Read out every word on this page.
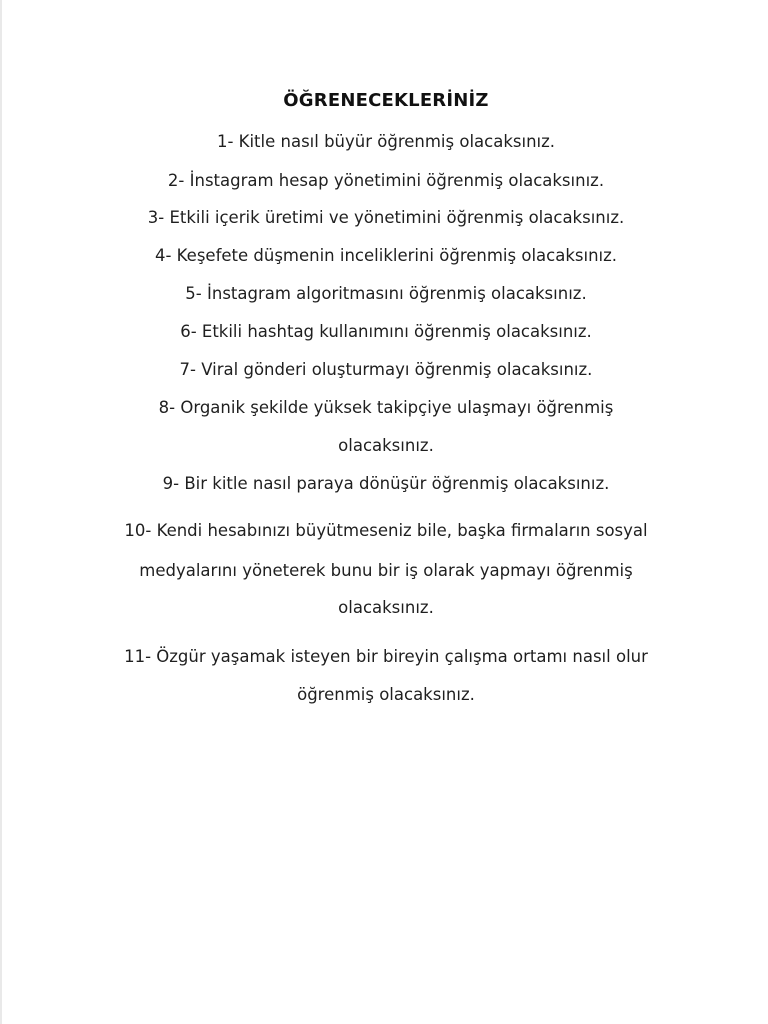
ÖĞRENECEKLERİNİZ
1- Kitle nasıl büyür öğrenmiş olacaksınız.
2- İnstagram hesap yönetimini öğrenmiş olacaksınız.
3- Etkili içerik üretimi ve yönetimini öğrenmiş olacaksınız.
4- Keşefete düşmenin inceliklerini öğrenmiş olacaksınız.
5- İnstagram algoritmasını öğrenmiş olacaksınız.
6- Etkili hashtag kullanımını öğrenmiş olacaksınız.
7- Viral gönderi oluşturmayı öğrenmiş olacaksınız.
8- Organik şekilde yüksek takipçiye ulaşmayı öğrenmiş
olacaksınız.
9- Bir kitle nasıl paraya dönüşür öğrenmiş olacaksınız.
10- Kendi hesabınızı büyütmeseniz bile, başka firmaların sosyal
medyalarını yöneterek bunu bir iş olarak yapmayı öğrenmiş
olacaksınız.
11- Özgür yaşamak isteyen bir bireyin çalışma ortamı nasıl olur
öğrenmiş olacaksınız.
